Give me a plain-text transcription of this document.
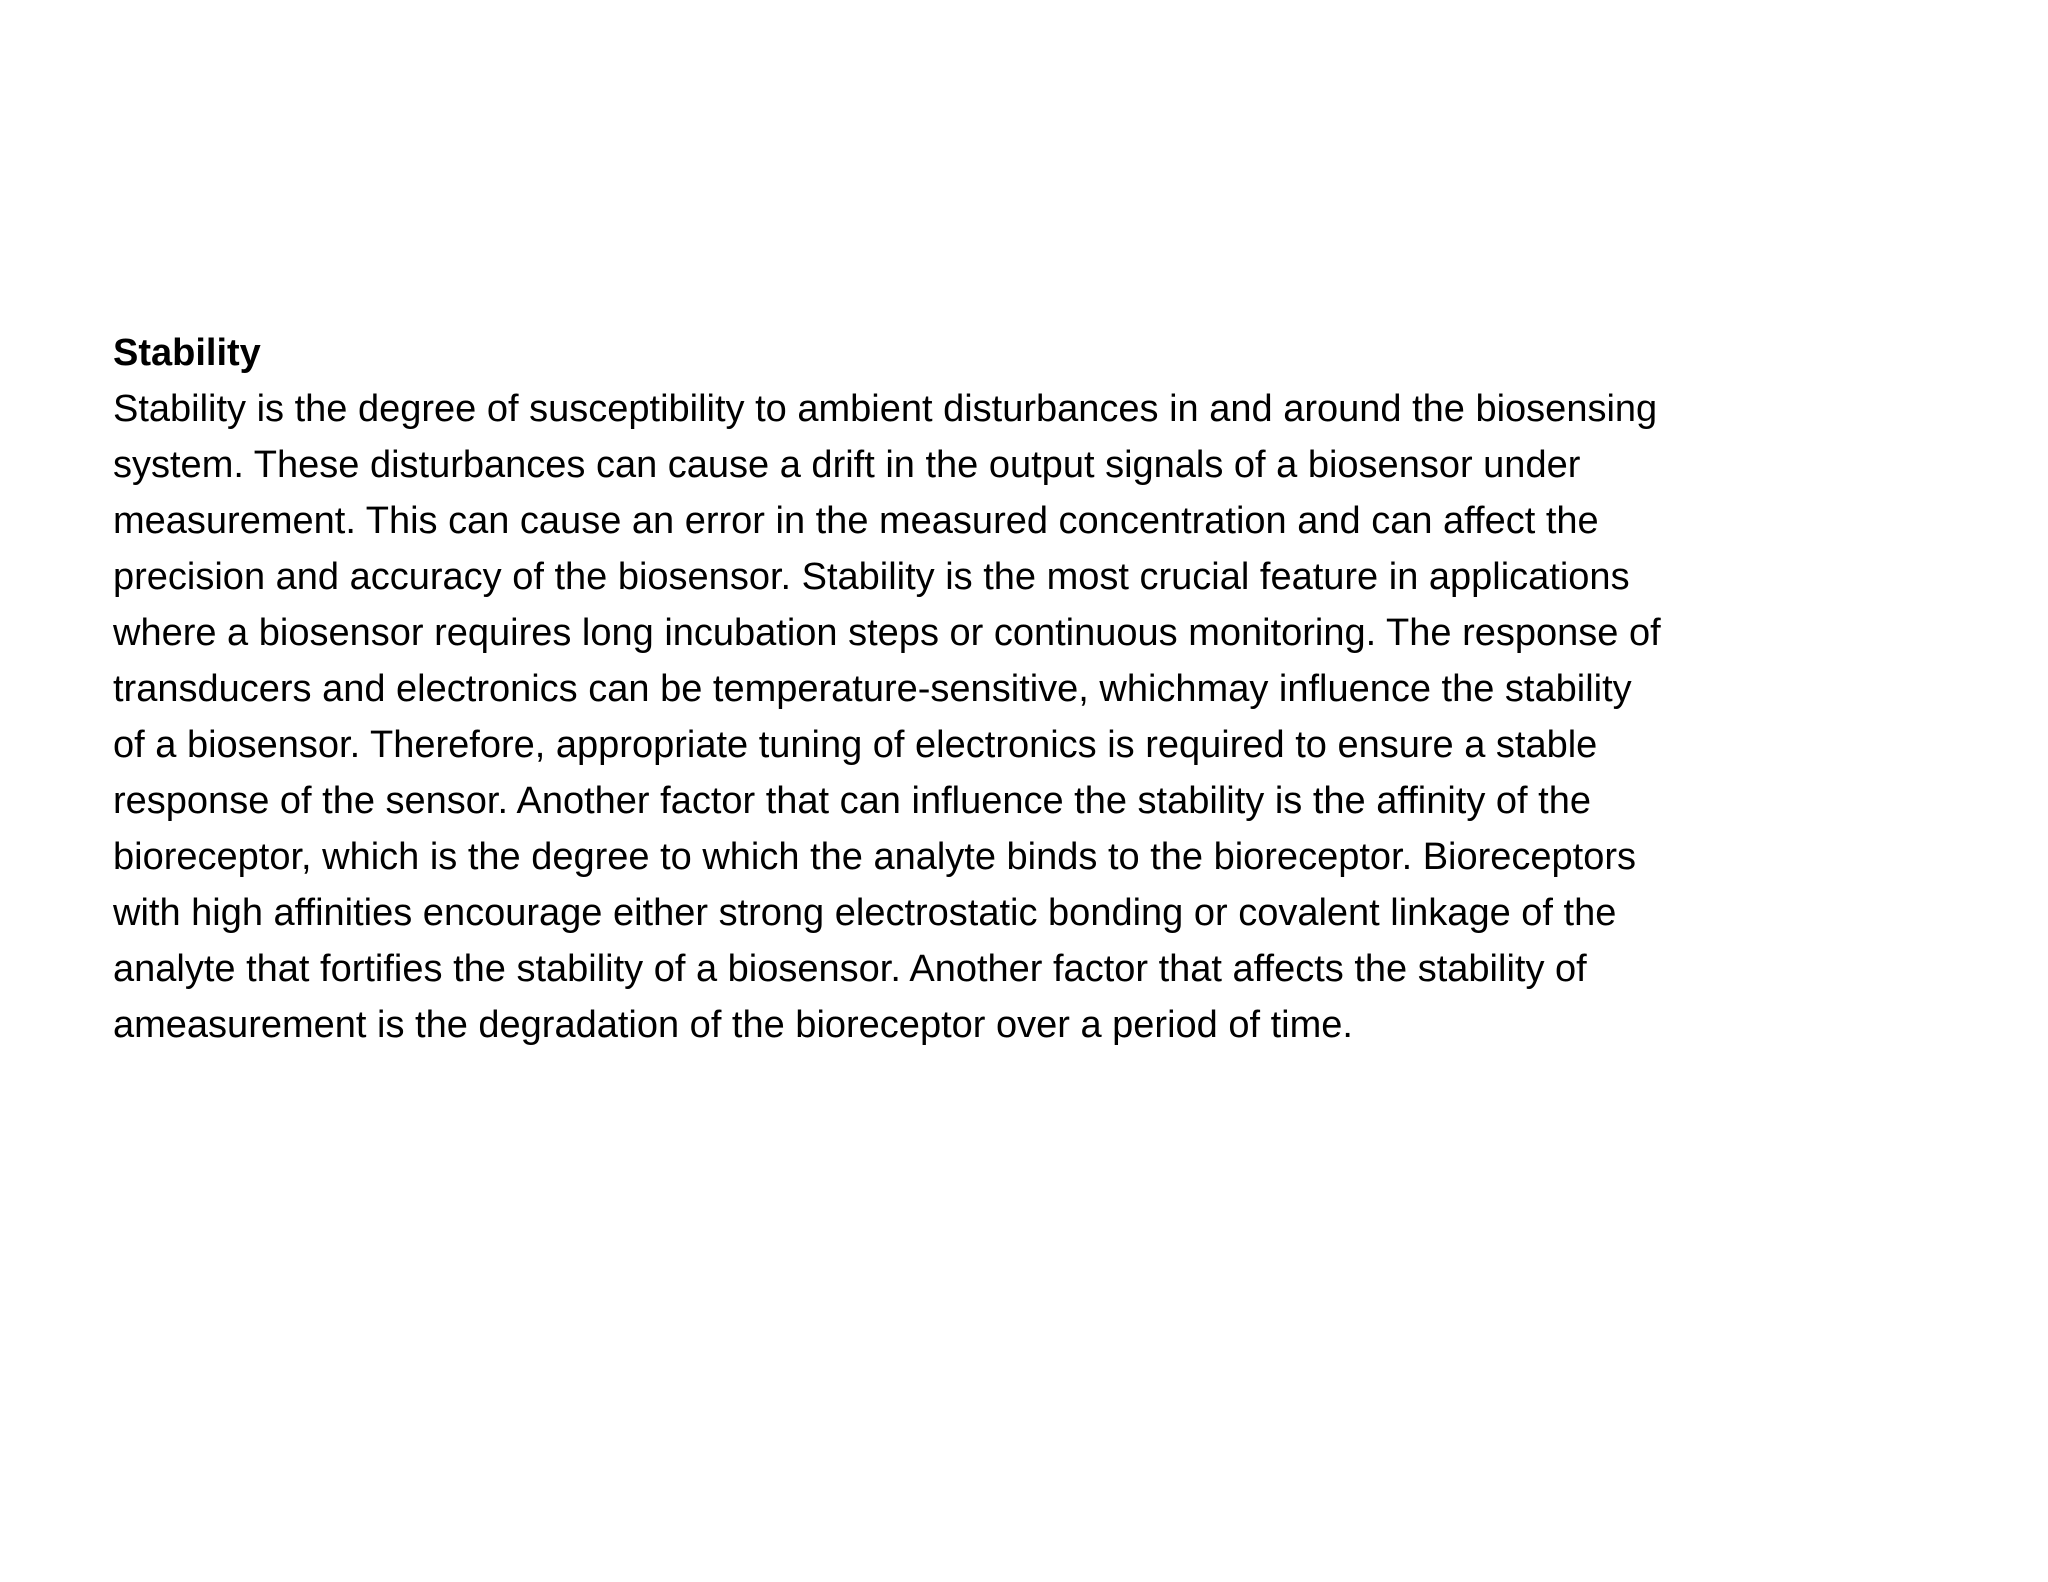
Stability

Stability is the degree of susceptibility to ambient disturbances in and around the biosensing
system. These disturbances can cause a drift in the output signals of a biosensor under
measurement. This can cause an error in the measured concentration and can affect the
precision and accuracy of the biosensor. Stability is the most crucial feature in applications
where a biosensor requires long incubation steps or continuous monitoring. The response of
transducers and electronics can be temperature-sensitive, whichmay influence the stability
of a biosensor. Therefore, appropriate tuning of electronics is required to ensure a stable
response of the sensor. Another factor that can influence the stability is the affinity of the
bioreceptor, which is the degree to which the analyte binds to the bioreceptor. Bioreceptors
with high affinities encourage either strong electrostatic bonding or covalent linkage of the
analyte that fortifies the stability of a biosensor. Another factor that affects the stability of
ameasurement is the degradation of the bioreceptor over a period of time.
